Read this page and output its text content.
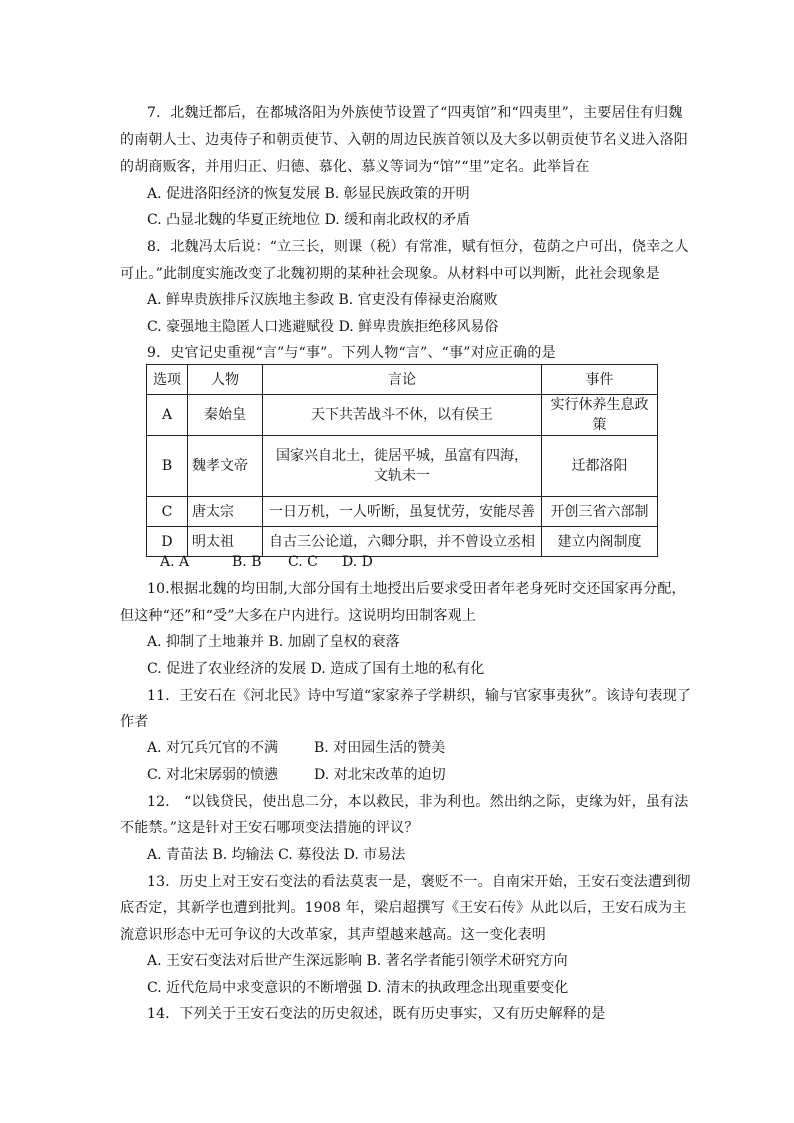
7．北魏迁都后，在都城洛阳为外族使节设置了“四夷馆”和“四夷里”，主要居住有归魏
的南朝人士、边夷侍子和朝贡使节、入朝的周边民族首领以及大多以朝贡使节名义进入洛阳
的胡商贩客，并用归正、归德、慕化、慕义等词为“馆”“里”定名。此举旨在
A. 促进洛阳经济的恢复发展 B. 彰显民族政策的开明
C. 凸显北魏的华夏正统地位 D. 缓和南北政权的矛盾
8．北魏冯太后说：“立三长，则课（税）有常准，赋有恒分，苞荫之户可出，侥幸之人
可止。”此制度实施改变了北魏初期的某种社会现象。从材料中可以判断，此社会现象是
A. 鲜卑贵族排斥汉族地主参政 B. 官吏没有俸禄吏治腐败
C. 豪强地主隐匿人口逃避赋役 D. 鲜卑贵族拒绝移风易俗
9．史官记史重视“言”与“事”。下列人物“言”、“事”对应正确的是
选项	人物	言论	事件
A	秦始皇	天下共苦战斗不休，以有侯王	实行休养生息政策
B	魏孝文帝	国家兴自北土，徙居平城，虽富有四海，
文轨未一	迁都洛阳
C	唐太宗	一日万机，一人听断，虽复忧劳，安能尽善	开创三省六部制
D	明太祖	自古三公论道，六卿分职，并不曾设立丞相	建立内阁制度
A. A	B. B C. C D. D
10.根据北魏的均田制,大部分国有土地授出后要求受田者年老身死时交还国家再分配，
但这种“还”和“受”大多在户内进行。这说明均田制客观上
A. 抑制了土地兼并 B. 加剧了皇权的衰落
C. 促进了农业经济的发展 D. 造成了国有土地的私有化
11．王安石在《河北民》诗中写道“家家养子学耕织，输与官家事夷狄”。该诗句表现了
作者
A. 对冗兵冗官的不满	B. 对田园生活的赞美
C. 对北宋孱弱的愤懑	D. 对北宋改革的迫切
12． “以钱贷民，使出息二分，本以救民，非为利也。然出纳之际，吏缘为奸，虽有法
不能禁。”这是针对王安石哪项变法措施的评议？
A. 青苗法 B. 均输法 C. 募役法 D. 市易法
13．历史上对王安石变法的看法莫衷一是，褒贬不一。自南宋开始，王安石变法遭到彻
底否定，其新学也遭到批判。1908 年，梁启超撰写《王安石传》从此以后，王安石成为主
流意识形态中无可争议的大改革家，其声望越来越高。这一变化表明
A. 王安石变法对后世产生深远影响 B. 著名学者能引领学术研究方向
C. 近代危局中求变意识的不断增强 D. 清末的执政理念出现重要变化
14．下列关于王安石变法的历史叙述，既有历史事实，又有历史解释的是
